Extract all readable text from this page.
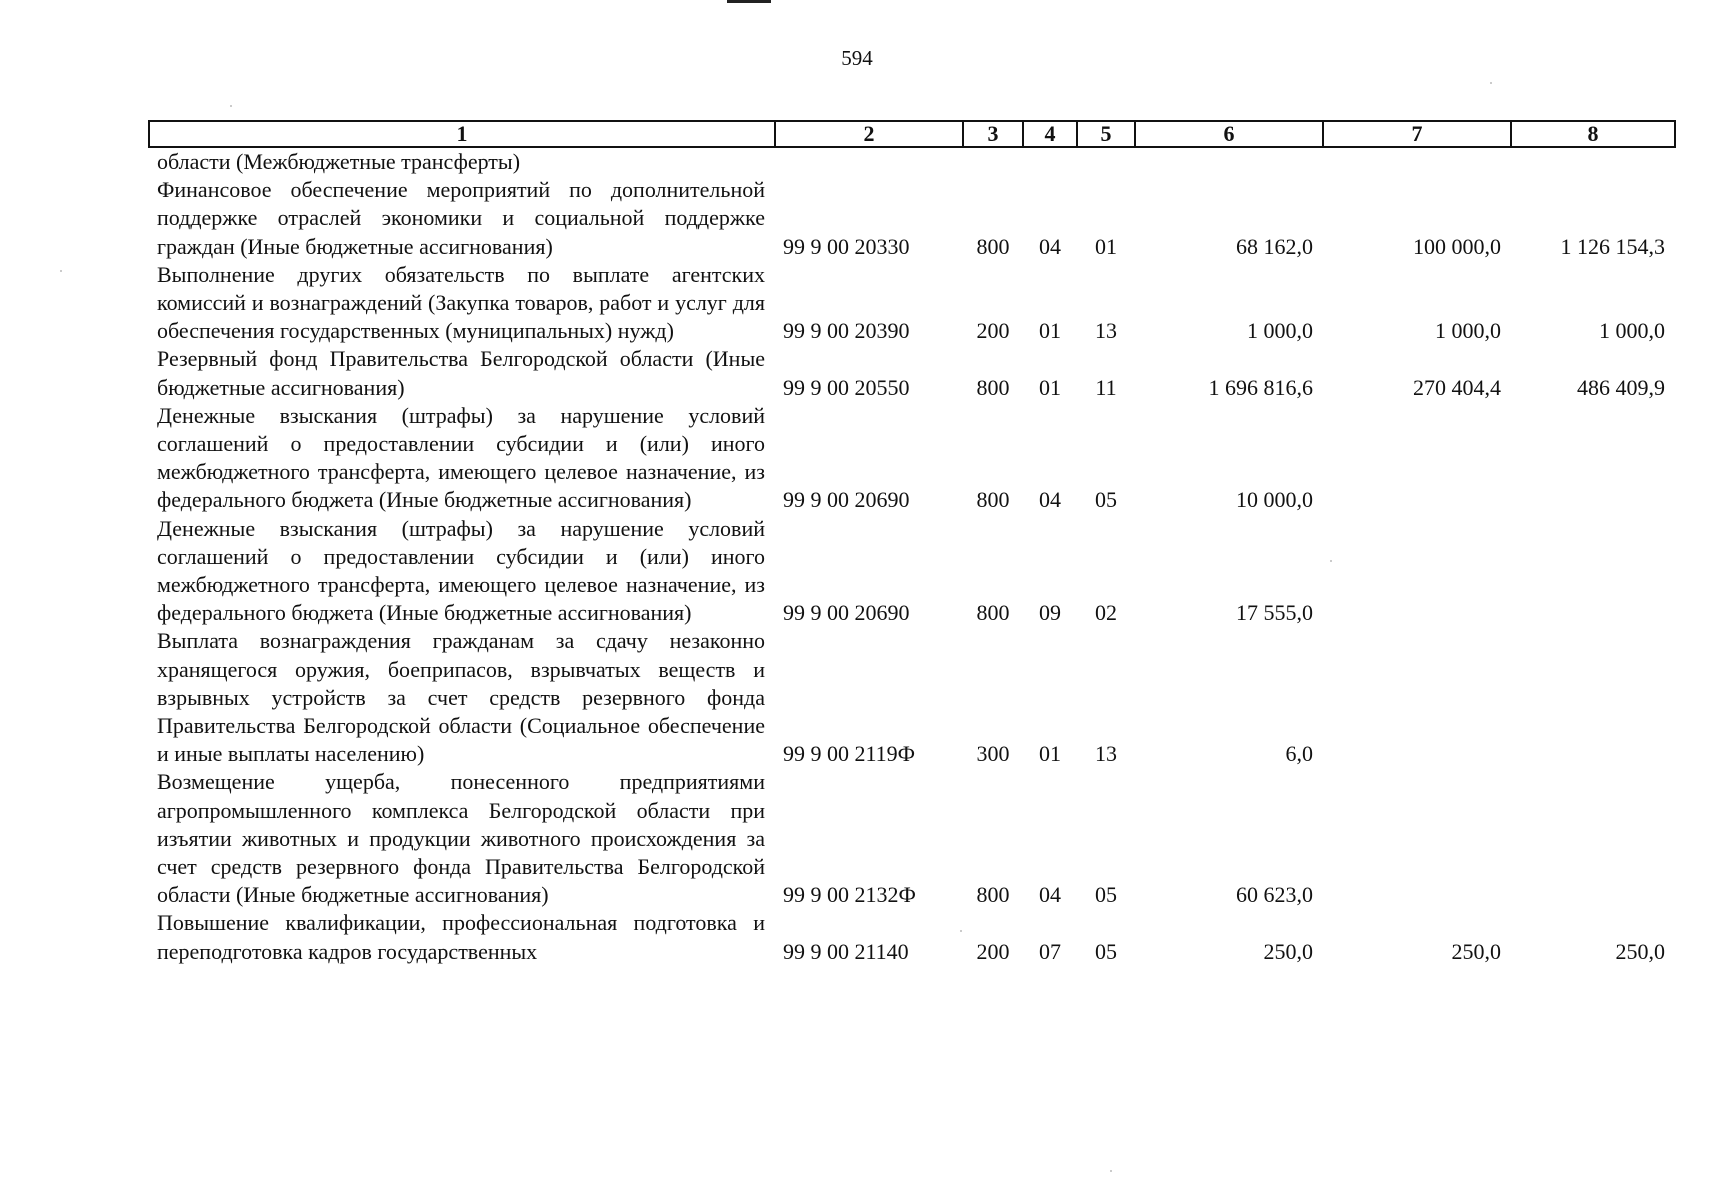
594
1	2	3	4	5	6	7	8
области (Межбюджетные трансферты)							
Финансовое обеспечение мероприятий по дополнительной поддержке отраслей экономики и социальной поддержке граждан (Иные бюджетные ассигнования)	99 9 00 20330	800	04	01	68 162,0	100 000,0	1 126 154,3
Выполнение других обязательств по выплате агентских комиссий и вознаграждений (Закупка товаров, работ и услуг для обеспечения государственных (муниципальных) нужд)	99 9 00 20390	200	01	13	1 000,0	1 000,0	1 000,0
Резервный фонд Правительства Белгородской области (Иные бюджетные ассигнования)	99 9 00 20550	800	01	11	1 696 816,6	270 404,4	486 409,9
Денежные взыскания (штрафы) за нарушение условий соглашений о предоставлении субсидии и (или) иного межбюджетного трансферта, имеющего целевое назначение, из федерального бюджета (Иные бюджетные ассигнования)	99 9 00 20690	800	04	05	10 000,0		
Денежные взыскания (штрафы) за нарушение условий соглашений о предоставлении субсидии и (или) иного межбюджетного трансферта, имеющего целевое назначение, из федерального бюджета (Иные бюджетные ассигнования)	99 9 00 20690	800	09	02	17 555,0		
Выплата вознаграждения гражданам за сдачу незаконно хранящегося оружия, боеприпасов, взрывчатых веществ и взрывных устройств за счет средств резервного фонда Правительства Белгородской области (Социальное обеспечение и иные выплаты населению)	99 9 00 2119Ф	300	01	13	6,0		
Возмещение ущерба, понесенного предприятиями агропромышленного комплекса Белгородской области при изъятии животных и продукции животного происхождения за счет средств резервного фонда Правительства Белгородской области (Иные бюджетные ассигнования)	99 9 00 2132Ф	800	04	05	60 623,0		
Повышение квалификации, профессиональная подготовка и переподготовка кадров государственных	99 9 00 21140	200	07	05	250,0	250,0	250,0
